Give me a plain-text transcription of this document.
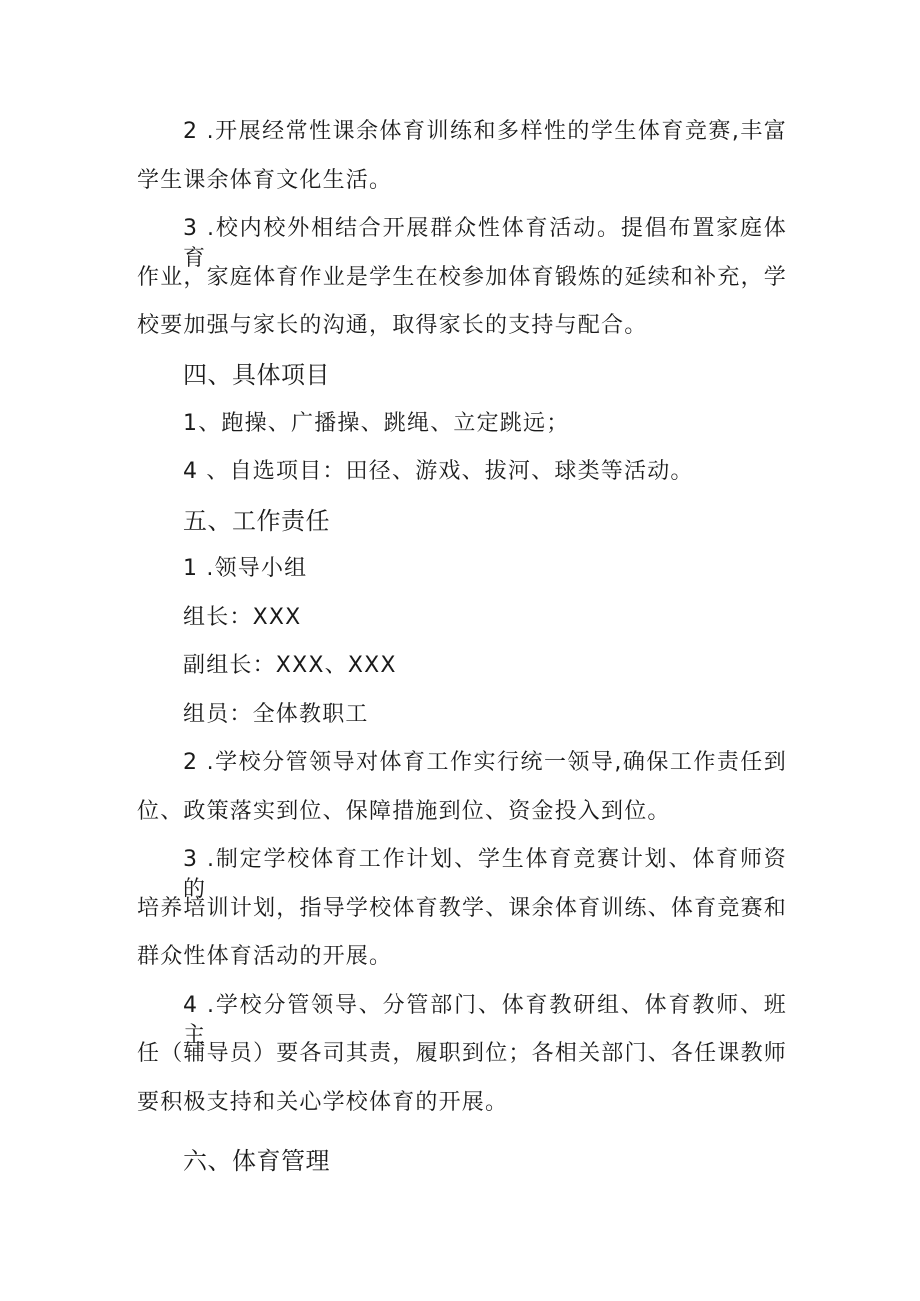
2 .开展经常性课余体育训练和多样性的学生体育竞赛,丰富
学生课余体育文化生活。
3 .校内校外相结合开展群众性体育活动。提倡布置家庭体育
作业，家庭体育作业是学生在校参加体育锻炼的延续和补充，学
校要加强与家长的沟通，取得家长的支持与配合。
四、具体项目
1、跑操、广播操、跳绳、立定跳远；
4 、自选项目：田径、游戏、拔河、球类等活动。
五、工作责任
1 .领导小组
组长：XXX
副组长：XXX、XXX
组员：全体教职工
2 .学校分管领导对体育工作实行统一领导,确保工作责任到
位、政策落实到位、保障措施到位、资金投入到位。
3 .制定学校体育工作计划、学生体育竞赛计划、体育师资的
培养培训计划，指导学校体育教学、课余体育训练、体育竞赛和
群众性体育活动的开展。
4 .学校分管领导、分管部门、体育教研组、体育教师、班主
任（辅导员）要各司其责，履职到位；各相关部门、各任课教师
要积极支持和关心学校体育的开展。
六、体育管理
